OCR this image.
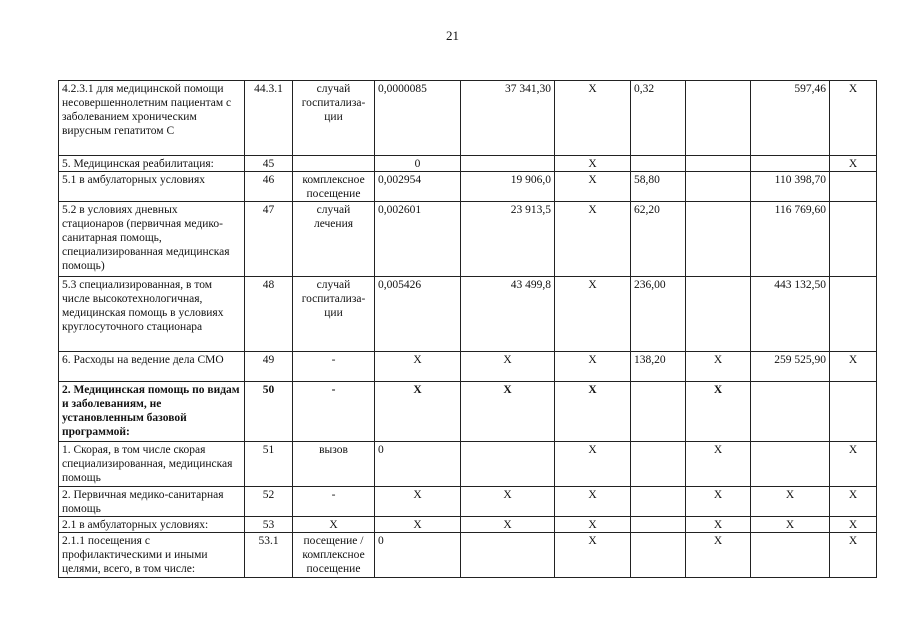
21
4.2.3.1 для медицинской помощи несовершеннолетним пациентам с заболеванием хроническим вирусным гепатитом С	44.3.1	случай госпитализа-ции	0,0000085	37 341,30	X	0,32		597,46	X
5. Медицинская реабилитация:	45		0		X				X
5.1 в амбулаторных условиях	46	комплексное посещение	0,002954	19 906,0	X	58,80		110 398,70	
5.2 в условиях дневных стационаров (первичная медико-санитарная помощь, специализированная медицинская помощь)	47	случай лечения	0,002601	23 913,5	X	62,20		116 769,60	
5.3 специализированная, в том числе высокотехнологичная, медицинская помощь в условиях круглосуточного стационара	48	случай госпитализа-ции	0,005426	43 499,8	X	236,00		443 132,50	
6. Расходы на ведение дела СМО	49	-	X	X	X	138,20	X	259 525,90	X
2. Медицинская помощь по видам и заболеваниям, не установленным базовой программой:	50	-	X	X	X		X		
1. Скорая, в том числе скорая специализированная, медицинская помощь	51	вызов	0		X		X		X
2. Первичная медико-санитарная помощь	52	-	X	X	X		X	X	X
2.1 в амбулаторных условиях:	53	X	X	X	X		X	X	X
2.1.1 посещения с профилактическими и иными целями, всего, в том числе:	53.1	посещение / комплексное посещение	0		X		X		X
